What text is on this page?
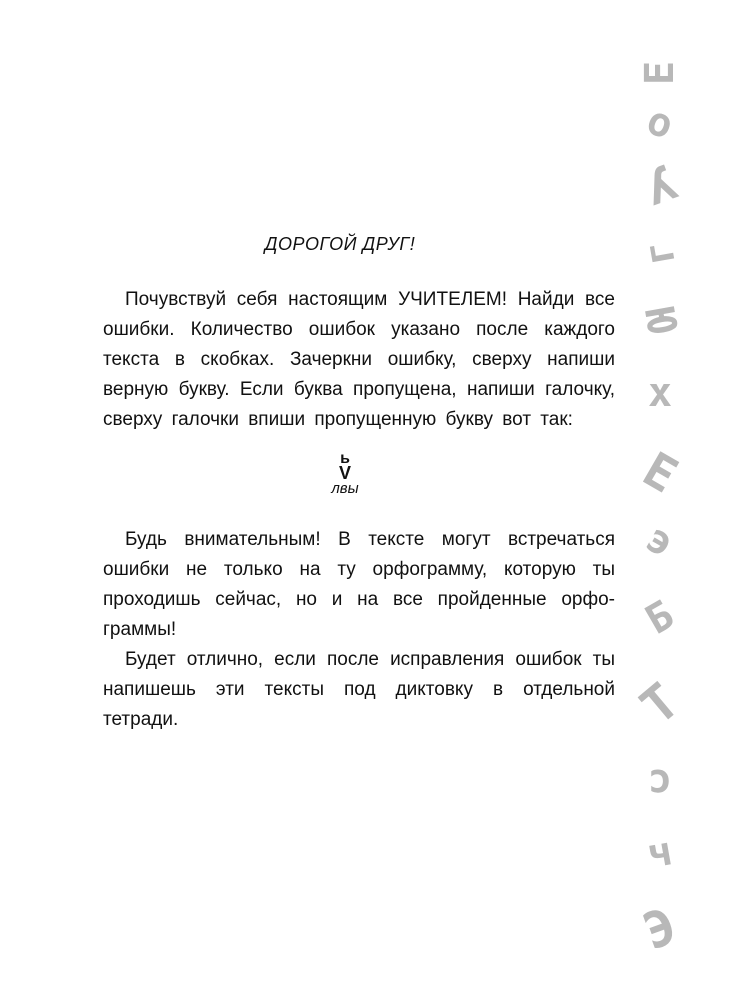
ДОРОГОЙ ДРУГ!

Почувствуй себя настоящим УЧИТЕЛЕМ! Найди все ошибки. Количество ошибок указано после каждого текста в скобках. Зачеркни ошибку, сверху напиши верную букву. Если буква пропущена, напиши галочку, сверху галочки впиши пропущенную букву вот так:

ь
V
лвы

Будь внимательным! В тексте могут встречаться ошибки не только на ту орфограмму, которую ты проходишь сейчас, но и на все пройденные орфо-граммы!

Будет отлично, если после исправления ошибок ты напишешь эти тексты под диктовку в отдельной тетради.

Е
о
У
г
Ю
х
Е
э
Б
Т
с
ч
Э
